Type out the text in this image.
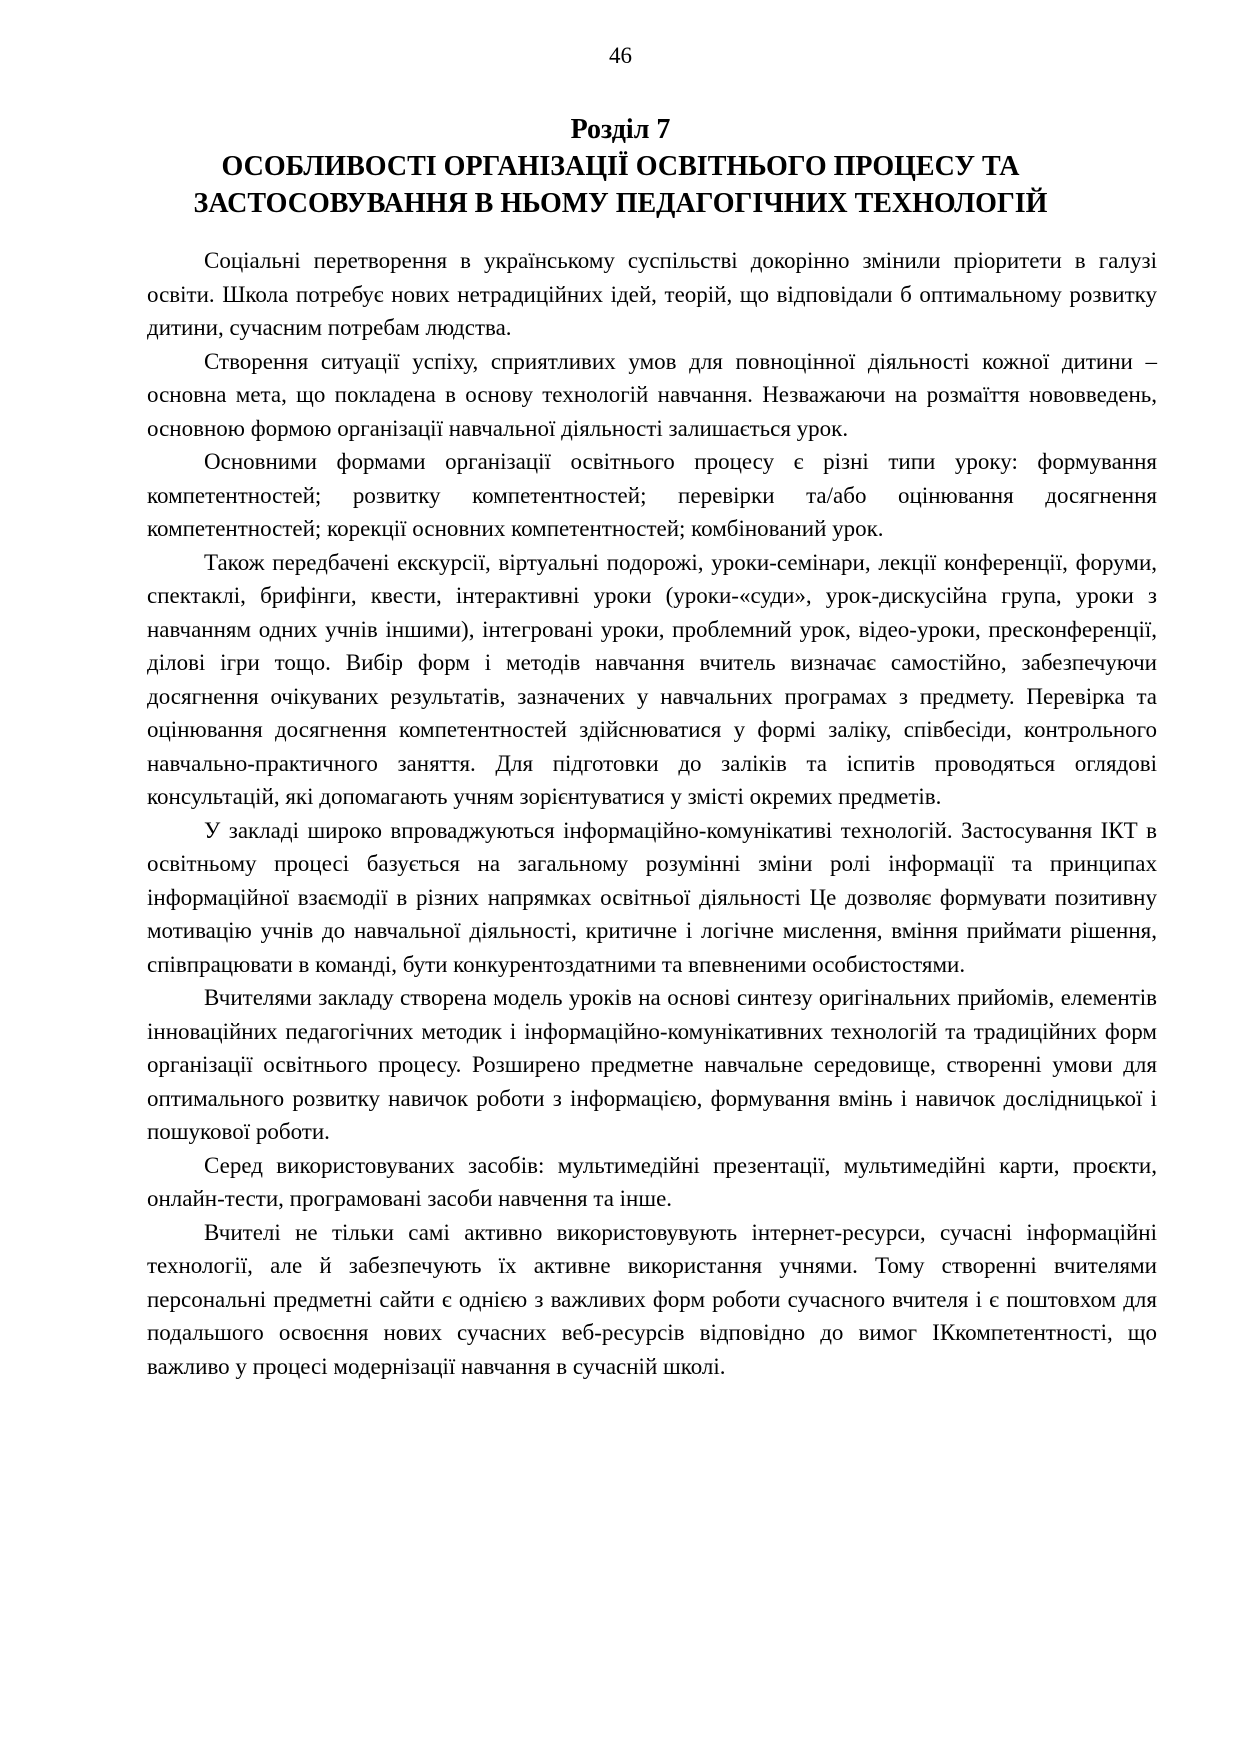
46
Розділ 7
ОСОБЛИВОСТІ ОРГАНІЗАЦІЇ ОСВІТНЬОГО ПРОЦЕСУ ТА
ЗАСТОСОВУВАННЯ В НЬОМУ ПЕДАГОГІЧНИХ ТЕХНОЛОГІЙ

Соціальні перетворення в українському суспільстві докорінно змінили пріоритети в галузі освіти. Школа потребує нових нетрадиційних ідей, теорій, що відповідали б оптимальному розвитку дитини, сучасним потребам людства.

Створення ситуації успіху, сприятливих умов для повноцінної діяльності кожної дитини – основна мета, що покладена в основу технологій навчання. Незважаючи на розмаїття нововведень, основною формою організації навчальної діяльності залишається урок.

Основними формами організації освітнього процесу є різні типи уроку: формування компетентностей; розвитку компетентностей; перевірки та/або оцінювання досягнення компетентностей; корекції основних компетентностей; комбінований урок.

Також передбачені екскурсії, віртуальні подорожі, уроки-семінари, лекції конференції, форуми, спектаклі, брифінги, квести, інтерактивні уроки (уроки-«суди», урок-дискусійна група, уроки з навчанням одних учнів іншими), інтегровані уроки, проблемний урок, відео-уроки, пресконференції, ділові ігри тощо. Вибір форм і методів навчання вчитель визначає самостійно, забезпечуючи досягнення очікуваних результатів, зазначених у навчальних програмах з предмету. Перевірка та оцінювання досягнення компетентностей здійснюватися у формі заліку, співбесіди, контрольного навчально-практичного заняття. Для підготовки до заліків та іспитів проводяться оглядові консультацій, які допомагають учням зорієнтуватися у змісті окремих предметів.

У закладі широко впроваджуються інформаційно-комунікативі технологій. Застосування ІКТ в освітньому процесі базується на загальному розумінні зміни ролі інформації та принципах інформаційної взаємодії в різних напрямках освітньої діяльності Це дозволяє формувати позитивну мотивацію учнів до навчальної діяльності, критичне і логічне мислення, вміння приймати рішення, співпрацювати в команді, бути конкурентоздатними та впевненими особистостями.

Вчителями закладу створена модель уроків на основі синтезу оригінальних прийомів, елементів інноваційних педагогічних методик і інформаційно-комунікативних технологій та традиційних форм організації освітнього процесу. Розширено предметне навчальне середовище, створенні умови для оптимального розвитку навичок роботи з інформацією, формування вмінь і навичок дослідницької і пошукової роботи.

Серед використовуваних засобів: мультимедійні презентації, мультимедійні карти, проєкти, онлайн-тести, програмовані засоби навчення та інше.

Вчителі не тільки самі активно використовувують інтернет-ресурси, сучасні інформаційні технології, але й забезпечують їх активне використання учнями. Тому створенні вчителями персональні предметні сайти є однією з важливих форм роботи сучасного вчителя і є поштовхом для подальшого освоєння нових сучасних веб-ресурсів відповідно до вимог ІКкомпетентності, що важливо у процесі модернізації навчання в сучасній школі.
